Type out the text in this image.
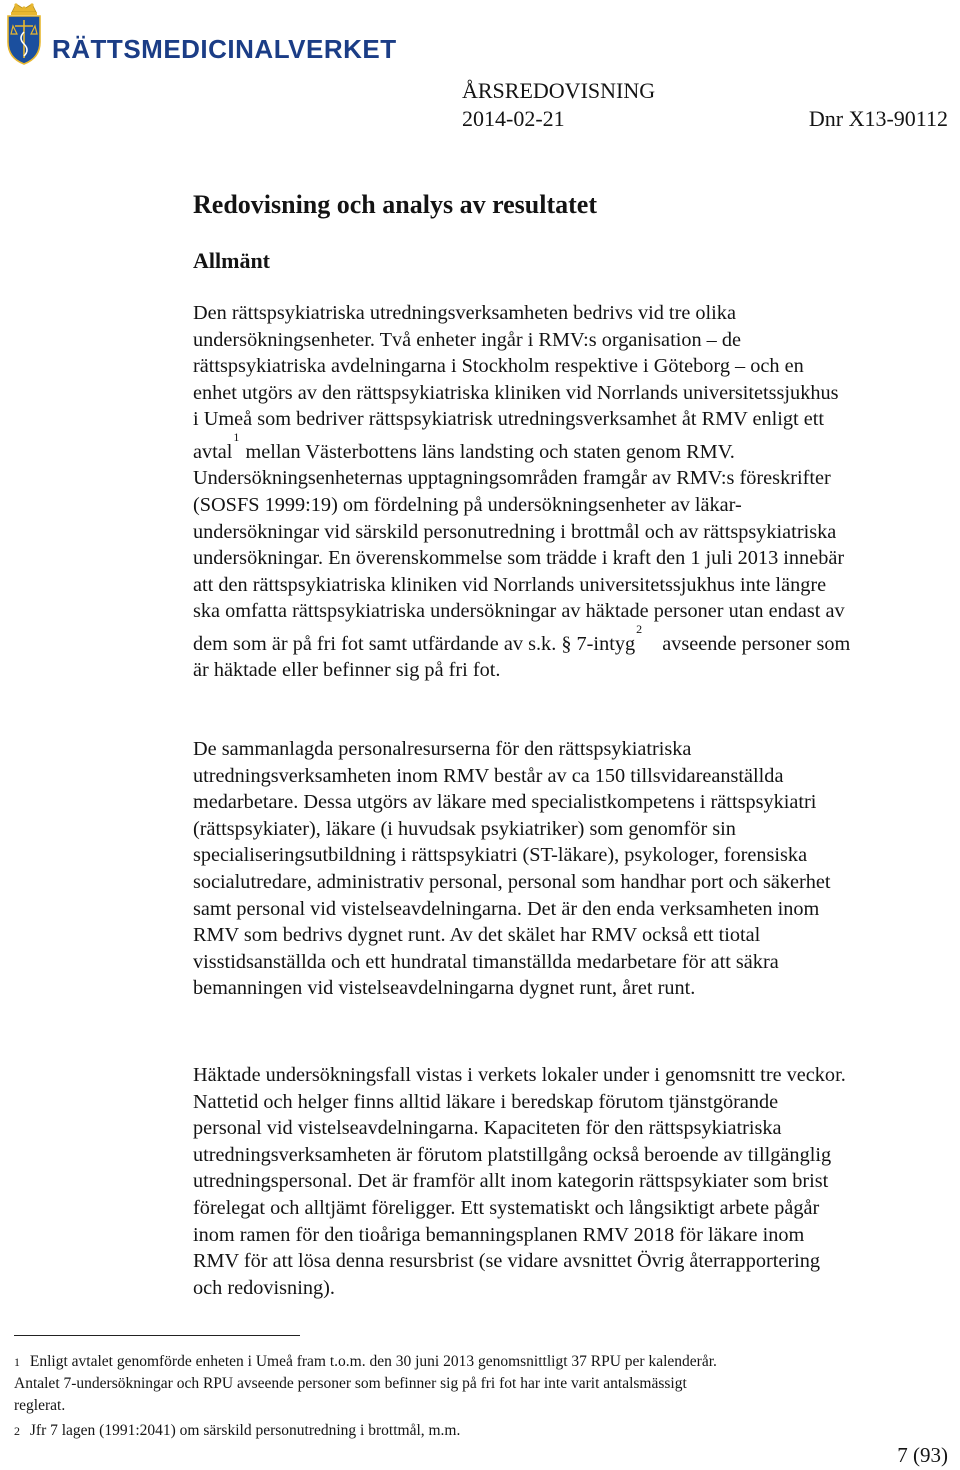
RÄTTSMEDICINALVERKET
ÅRSREDOVISNING
2014-02-21	Dnr X13-90112
Redovisning och analys av resultatet
Allmänt
Den rättspsykiatriska utredningsverksamheten bedrivs vid tre olika
undersökningsenheter. Två enheter ingår i RMV:s organisation – de
rättspsykiatriska avdelningarna i Stockholm respektive i Göteborg – och en
enhet utgörs av den rättspsykiatriska kliniken vid Norrlands universitetssjukhus
i Umeå som bedriver rättspsykiatrisk utredningsverksamhet åt RMV enligt ett
avtal$^1$ mellan Västerbottens läns landsting och staten genom RMV.
Undersökningsenheternas upptagningsområden framgår av RMV:s föreskrifter
(SOSFS 1999:19) om fördelning på undersökningsenheter av läkar-
undersökningar vid särskild personutredning i brottmål och av rättspsykiatriska
undersökningar. En överenskommelse som trädde i kraft den 1 juli 2013 innebär
att den rättspsykiatriska kliniken vid Norrlands universitetssjukhus inte längre
ska omfatta rättspsykiatriska undersökningar av häktade personer utan endast av
dem som är på fri fot samt utfärdande av s.k. § 7-intyg$^2$ avseende personer som
är häktade eller befinner sig på fri fot.
De sammanlagda personalresurserna för den rättspsykiatriska
utredningsverksamheten inom RMV består av ca 150 tillsvidareanställda
medarbetare. Dessa utgörs av läkare med specialistkompetens i rättspsykiatri
(rättspsykiater), läkare (i huvudsak psykiatriker) som genomför sin
specialiseringsutbildning i rättspsykiatri (ST-läkare), psykologer, forensiska
socialutredare, administrativ personal, personal som handhar port och säkerhet
samt personal vid vistelseavdelningarna. Det är den enda verksamheten inom
RMV som bedrivs dygnet runt. Av det skälet har RMV också ett tiotal
visstidsanställda och ett hundratal timanställda medarbetare för att säkra
bemanningen vid vistelseavdelningarna dygnet runt, året runt.
Häktade undersökningsfall vistas i verkets lokaler under i genomsnitt tre veckor.
Nattetid och helger finns alltid läkare i beredskap förutom tjänstgörande
personal vid vistelseavdelningarna. Kapaciteten för den rättspsykiatriska
utredningsverksamheten är förutom platstillgång också beroende av tillgänglig
utredningspersonal. Det är framför allt inom kategorin rättspsykiater som brist
förelegat och alltjämt föreligger. Ett systematiskt och långsiktigt arbete pågår
inom ramen för den tioåriga bemanningsplanen RMV 2018 för läkare inom
RMV för att lösa denna resursbrist (se vidare avsnittet Övrig återrapportering
och redovisning).
1 Enligt avtalet genomförde enheten i Umeå fram t.o.m. den 30 juni 2013 genomsnittligt 37 RPU per kalenderår.
Antalet 7-undersökningar och RPU avseende personer som befinner sig på fri fot har inte varit antalsmässigt
reglerat.
2 Jfr 7 lagen (1991:2041) om särskild personutredning i brottmål, m.m.
7 (93)
